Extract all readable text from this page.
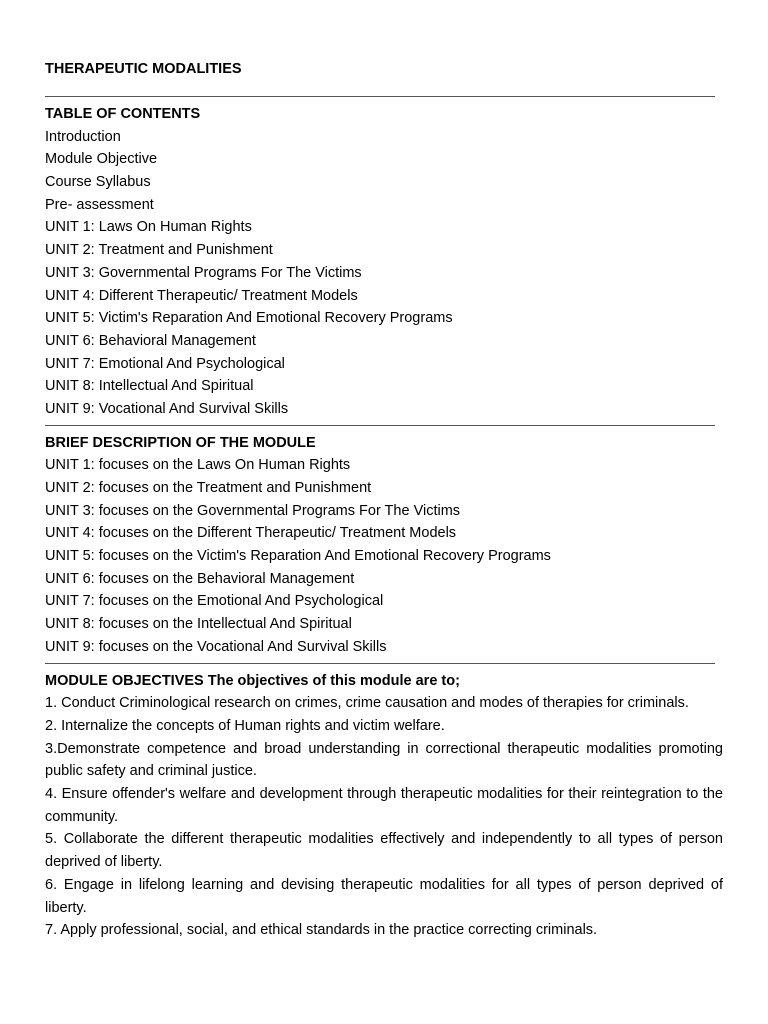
THERAPEUTIC MODALITIES
TABLE OF CONTENTS
Introduction
Module Objective
Course Syllabus
Pre- assessment
UNIT 1: Laws On Human Rights
UNIT 2: Treatment and Punishment
UNIT 3: Governmental Programs For The Victims
UNIT 4: Different Therapeutic/ Treatment Models
UNIT 5: Victim's Reparation And Emotional Recovery Programs
UNIT 6: Behavioral Management
UNIT 7: Emotional And Psychological
UNIT 8: Intellectual And Spiritual
UNIT 9: Vocational And Survival Skills
BRIEF DESCRIPTION OF THE MODULE
UNIT 1: focuses on the Laws On Human Rights
UNIT 2: focuses on the Treatment and Punishment
UNIT 3: focuses on the Governmental Programs For The Victims
UNIT 4: focuses on the Different Therapeutic/ Treatment Models
UNIT 5: focuses on the Victim's Reparation And Emotional Recovery Programs
UNIT 6: focuses on the Behavioral Management
UNIT 7: focuses on the Emotional And Psychological
UNIT 8: focuses on the Intellectual And Spiritual
UNIT 9: focuses on the Vocational And Survival Skills
MODULE OBJECTIVES The objectives of this module are to;
1. Conduct Criminological research on crimes, crime causation and modes of therapies for criminals.
2. Internalize the concepts of Human rights and victim welfare.
3.Demonstrate competence and broad understanding in correctional therapeutic modalities promoting public safety and criminal justice.
4. Ensure offender's welfare and development through therapeutic modalities for their reintegration to the community.
5. Collaborate the different therapeutic modalities effectively and independently to all types of person deprived of liberty.
6. Engage in lifelong learning and devising therapeutic modalities for all types of person deprived of liberty.
7. Apply professional, social, and ethical standards in the practice correcting criminals.
